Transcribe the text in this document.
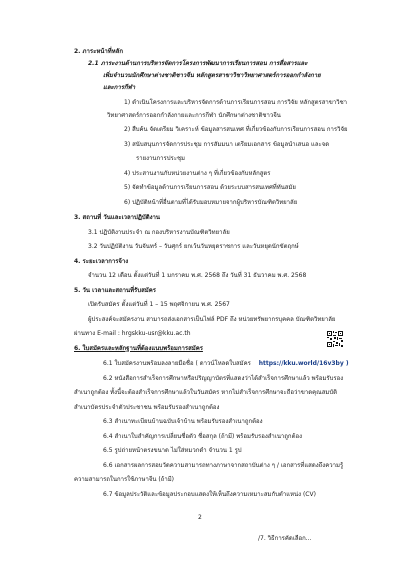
2. ภาระหน้าที่หลัก
2.1 ภาระงานด้านการบริหารจัดการโครงการพัฒนาการเรียนการสอน การสื่อสารและ
เพิ่มจำนวนนักศึกษาต่างชาติชาวจีน หลักสูตรสาขาวิชาวิทยาศาสตร์การออกกำลังกาย
และการกีฬา
1) ดำเนินโครงการและบริหารจัดการด้านการเรียนการสอน การวิจัย หลักสูตรสาขาวิชา
วิทยาศาสตร์การออกกำลังกายและการกีฬา นักศึกษาต่างชาติชาวจีน
2) สืบค้น จัดเตรียม วิเคราะห์ ข้อมูลสารสนเทศ ที่เกี่ยวข้องกับการเรียนการสอน การวิจัย
3) สนับสนุนการจัดการประชุม การสัมมนา เตรียมเอกสาร ข้อมูลนำเสนอ และจด
รายงานการประชุม
4) ประสานงานกับหน่วยงานต่าง ๆ ที่เกี่ยวข้องกับหลักสูตร
5) จัดทำข้อมูลด้านการเรียนการสอน ด้วยระบบสารสนเทศที่ทันสมัย
6) ปฏิบัติหน้าที่อื่นตามที่ได้รับมอบหมายจากผู้บริหารบัณฑิตวิทยาลัย
3. สถานที่ วันและเวลาปฏิบัติงาน
3.1 ปฏิบัติงานประจำ ณ กองบริหารงานบัณฑิตวิทยาลัย
3.2 วันปฏิบัติงาน วันจันทร์ – วันศุกร์ ยกเว้นวันหยุดราชการ และวันหยุดนักขัตฤกษ์
4. ระยะเวลาการจ้าง
จำนวน 12 เดือน ตั้งแต่วันที่ 1 มกราคม พ.ศ. 2568 ถึง วันที่ 31 ธันวาคม พ.ศ. 2568
5. วัน เวลาและสถานที่รับสมัคร
เปิดรับสมัคร ตั้งแต่วันที่ 1 – 15 พฤศจิกายน พ.ศ. 2567
ผู้ประสงค์จะสมัครงาน สามารถส่งเอกสารเป็นไฟล์ PDF ถึง หน่วยทรัพยากรบุคคล บัณฑิตวิทยาลัย
ผ่านทาง E-mail : hrgskku-usr@kku.ac.th
6. ใบสมัครและหลักฐานที่ต้องแนบพร้อมการสมัคร
6.1 ใบสมัครงานพร้อมลงลายมือชื่อ ( ดาวน์โหลดใบสมัคร https://kku.world/16v3by )
6.2 หนังสือการสำเร็จการศึกษาหรือปริญญาบัตรที่แสดงว่าได้สำเร็จการศึกษาแล้ว พร้อมรับรอง
สำเนาถูกต้อง ทั้งนี้จะต้องสำเร็จการศึกษาแล้วในวันสมัคร หากไม่สำเร็จการศึกษาจะถือว่าขาดคุณสมบัติ
สำเนาบัตรประจำตัวประชาชน พร้อมรับรองสำเนาถูกต้อง
6.3 สำเนาทะเบียนบ้านฉบับเจ้าบ้าน พร้อมรับรองสำเนาถูกต้อง
6.4 สำเนาใบสำคัญการเปลี่ยนชื่อตัว ชื่อสกุล (ถ้ามี) พร้อมรับรองสำเนาถูกต้อง
6.5 รูปถ่ายหน้าตรงขนาด ไม่ใส่หมวกดำ จำนวน 1 รูป
6.6 เอกสารผลการสอบวัดความสามารถทางภาษาจากสถาบันต่าง ๆ / เอกสารที่แสดงถึงความรู้
ความสามารถในการใช้ภาษาจีน (ถ้ามี)
6.7 ข้อมูลประวัติและข้อมูลประกอบแสดงให้เห็นถึงความเหมาะสมกับตำแหน่ง (CV)
2
/7. วิธีการคัดเลือก...
